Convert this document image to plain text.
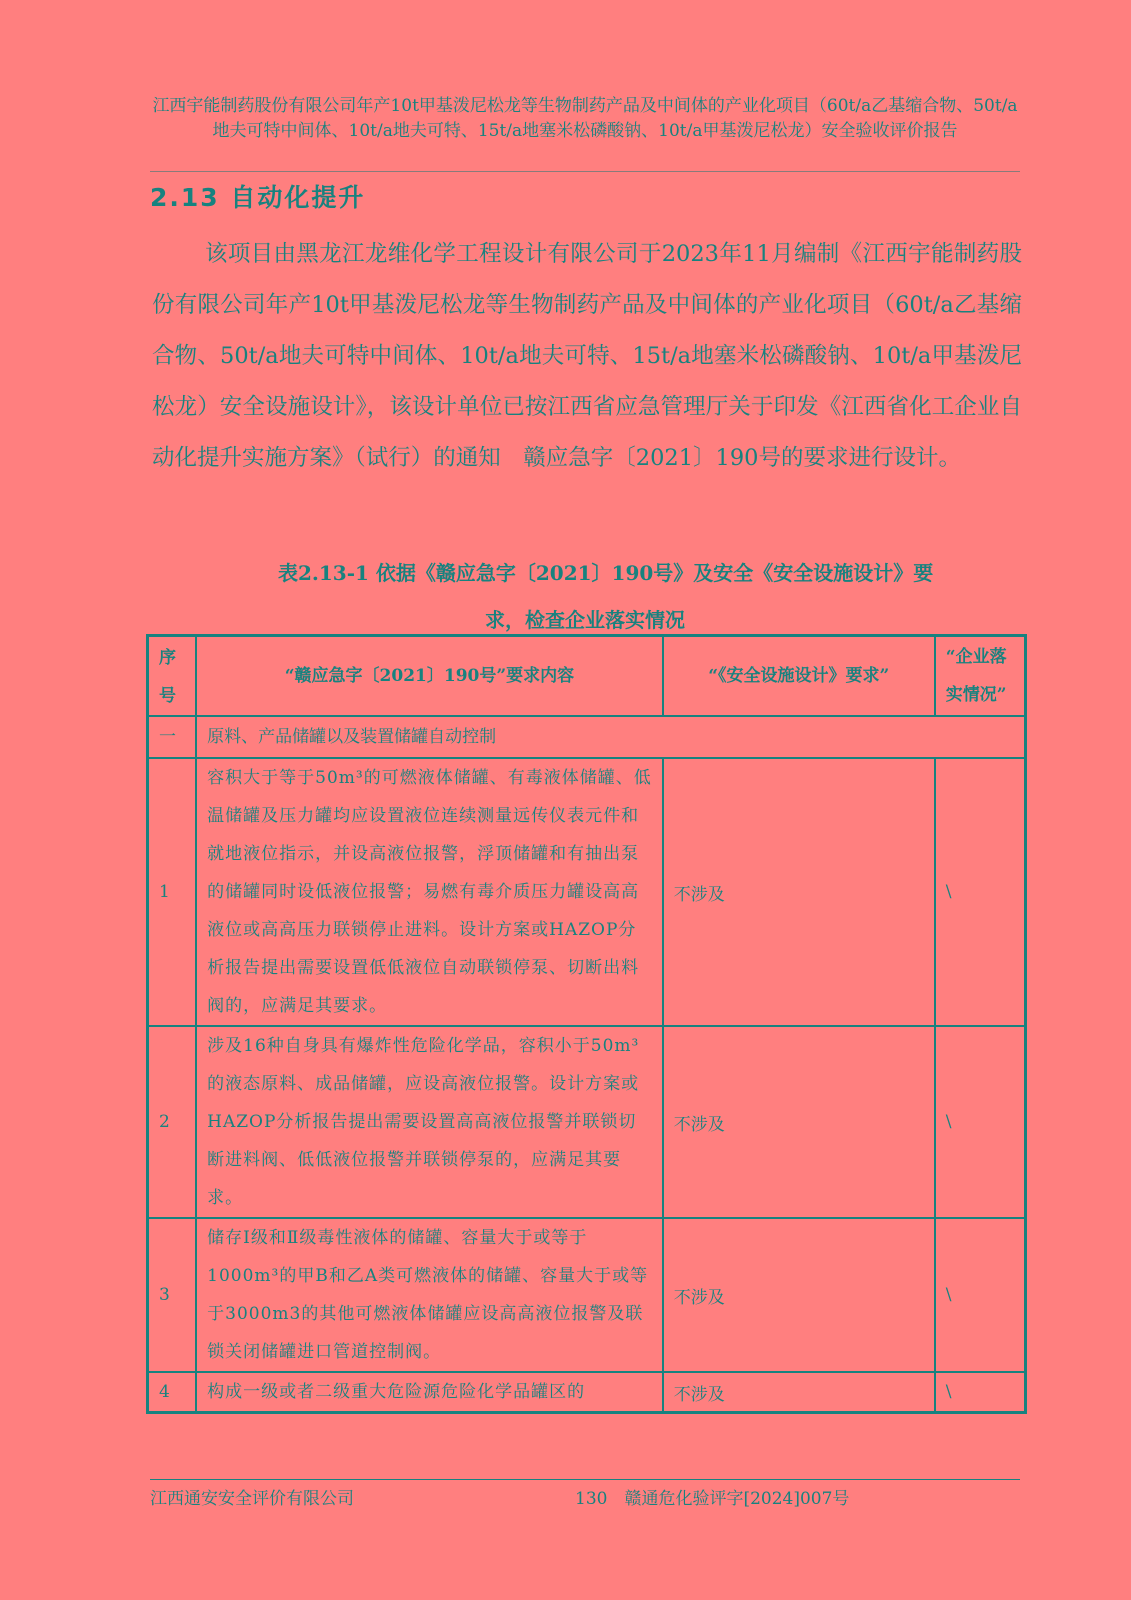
江西宇能制药股份有限公司年产10t甲基泼尼松龙等生物制药产品及中间体的产业化项目（60t/a乙基缩合物、50t/a地夫可特中间体、10t/a地夫可特、15t/a地塞米松磷酸钠、10t/a甲基泼尼松龙）安全验收评价报告
2.13 自动化提升
该项目由黑龙江龙维化学工程设计有限公司于2023年11月编制《江西宇能制药股份有限公司年产10t甲基泼尼松龙等生物制药产品及中间体的产业化项目（60t/a乙基缩合物、50t/a地夫可特中间体、10t/a地夫可特、15t/a地塞米松磷酸钠、10t/a甲基泼尼松龙）安全设施设计》，该设计单位已按江西省应急管理厅关于印发《江西省化工企业自动化提升实施方案》（试行）的通知　赣应急字〔2021〕190号的要求进行设计。
表2.13-1 依据《赣应急字〔2021〕190号》及安全《安全设施设计》要
求，检查企业落实情况
序号	“赣应急字〔2021〕190号”要求内容	“《安全设施设计》要求”	“企业落实情况”
一	原料、产品储罐以及装置储罐自动控制		
1	容积大于等于50m³的可燃液体储罐、有毒液体储罐、低温储罐及压力罐均应设置液位连续测量远传仪表元件和就地液位指示，并设高液位报警，浮顶储罐和有抽出泵的储罐同时设低液位报警；易燃有毒介质压力罐设高高液位或高高压力联锁停止进料。设计方案或HAZOP分析报告提出需要设置低低液位自动联锁停泵、切断出料阀的，应满足其要求。	不涉及	\
2	涉及16种自身具有爆炸性危险化学品，容积小于50m³的液态原料、成品储罐，应设高液位报警。设计方案或HAZOP分析报告提出需要设置高高液位报警并联锁切断进料阀、低低液位报警并联锁停泵的，应满足其要求。	不涉及	\
3	储存Ⅰ级和Ⅱ级毒性液体的储罐、容量大于或等于1000m³的甲B和乙A类可燃液体的储罐、容量大于或等于3000m3的其他可燃液体储罐应设高高液位报警及联锁关闭储罐进口管道控制阀。	不涉及	\
4	构成一级或者二级重大危险源危险化学品罐区的	不涉及	\
江西通安安全评价有限公司	130　赣通危化验评字[2024]007号
